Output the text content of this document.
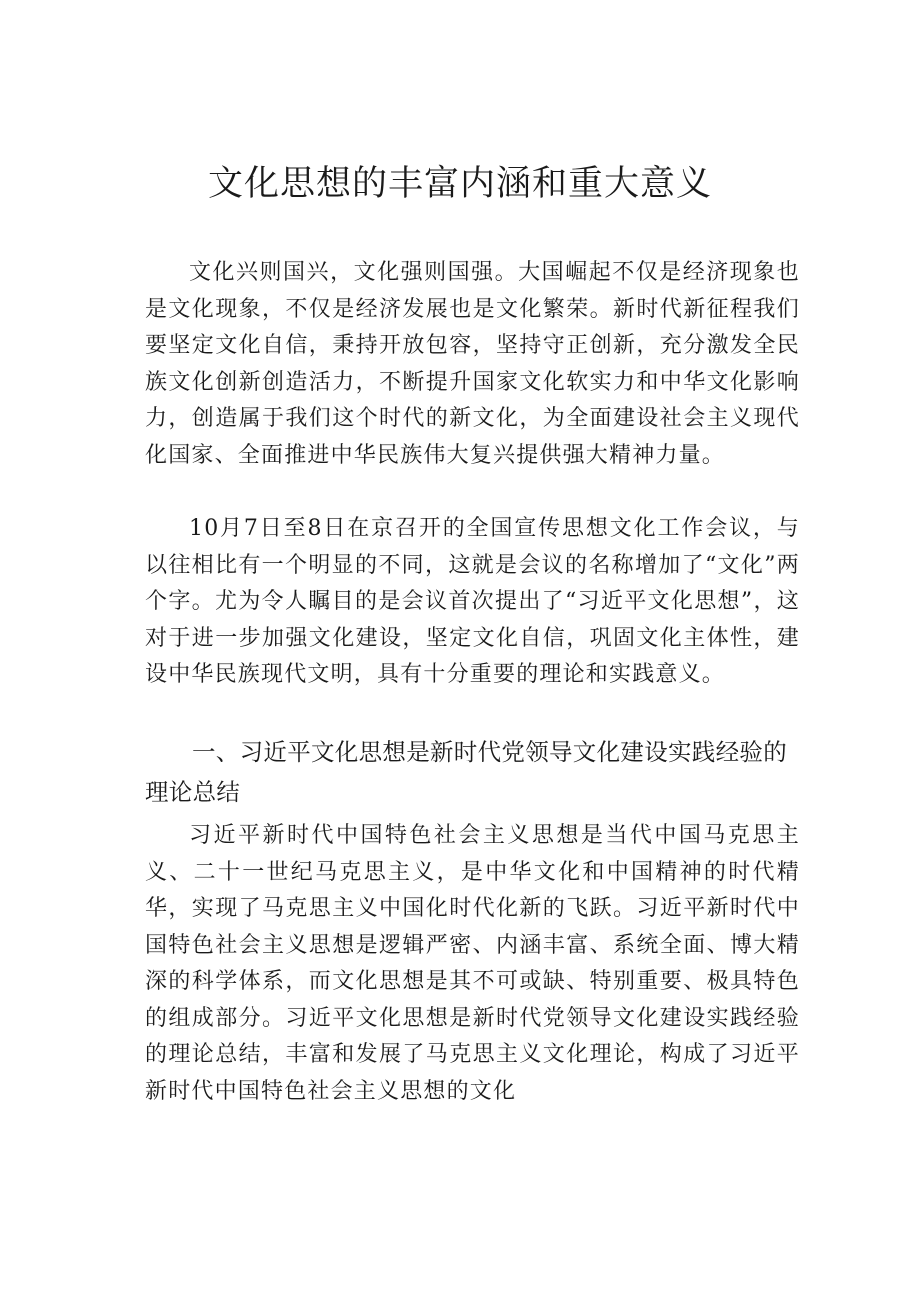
文化思想的丰富内涵和重大意义

文化兴则国兴，文化强则国强。大国崛起不仅是经济现象也是文化现象，不仅是经济发展也是文化繁荣。新时代新征程我们要坚定文化自信，秉持开放包容，坚持守正创新，充分激发全民族文化创新创造活力，不断提升国家文化软实力和中华文化影响力，创造属于我们这个时代的新文化，为全面建设社会主义现代化国家、全面推进中华民族伟大复兴提供强大精神力量。

10月7日至8日在京召开的全国宣传思想文化工作会议，与以往相比有一个明显的不同，这就是会议的名称增加了“文化”两个字。尤为令人瞩目的是会议首次提出了“习近平文化思想”，这对于进一步加强文化建设，坚定文化自信，巩固文化主体性，建设中华民族现代文明，具有十分重要的理论和实践意义。

一、习近平文化思想是新时代党领导文化建设实践经验的理论总结

习近平新时代中国特色社会主义思想是当代中国马克思主义、二十一世纪马克思主义，是中华文化和中国精神的时代精华，实现了马克思主义中国化时代化新的飞跃。习近平新时代中国特色社会主义思想是逻辑严密、内涵丰富、系统全面、博大精深的科学体系，而文化思想是其不可或缺、特别重要、极具特色的组成部分。习近平文化思想是新时代党领导文化建设实践经验的理论总结，丰富和发展了马克思主义文化理论，构成了习近平新时代中国特色社会主义思想的文化
